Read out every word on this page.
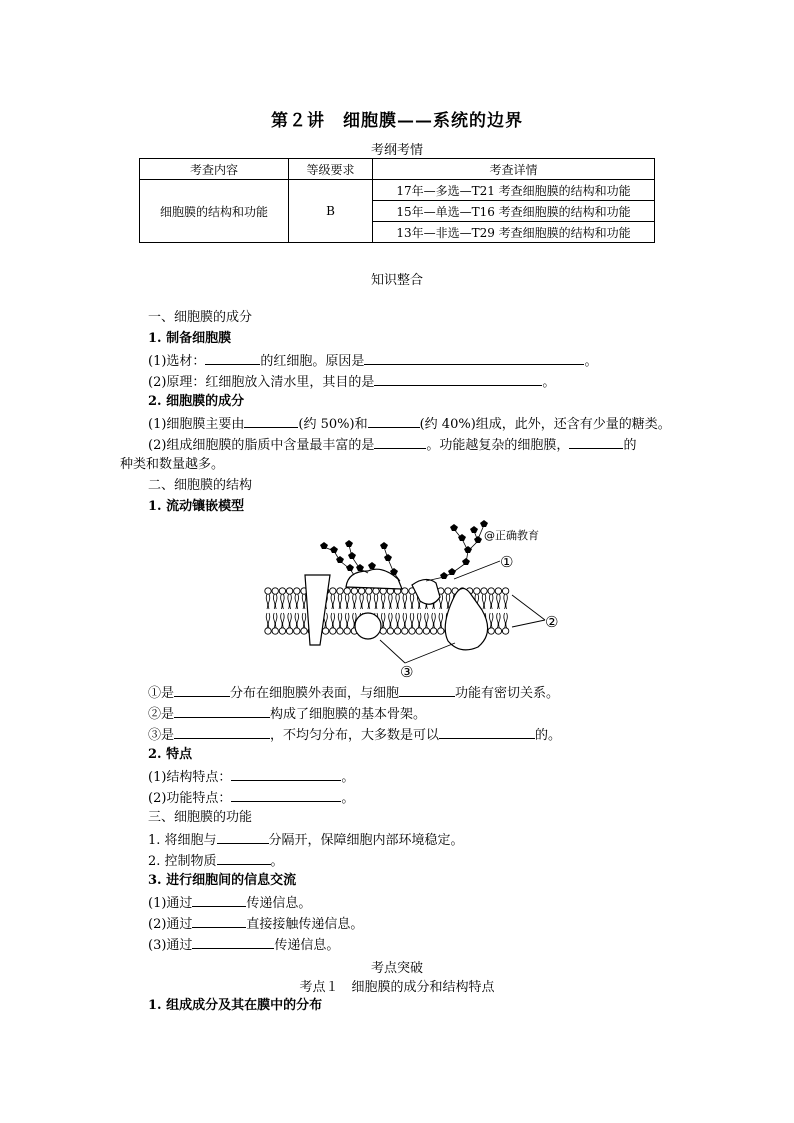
第２讲　细胞膜——系统的边界
考纲考情
考查内容	等级要求	考查详情
细胞膜的结构和功能	B	17年—多选—T21 考查细胞膜的结构和功能
		15年—单选—T16 考查细胞膜的结构和功能
		13年—非选—T29 考查细胞膜的结构和功能
知识整合
一、细胞膜的成分
1. 制备细胞膜
(1)选材：	的红细胞。原因是	。
(2)原理：红细胞放入清水里，其目的是	。
2. 细胞膜的成分
(1)细胞膜主要由	(约 50%)和	(约 40%)组成，此外，还含有少量的糖类。
(2)组成细胞膜的脂质中含量最丰富的是	。功能越复杂的细胞膜，	的
种类和数量越多。
二、细胞膜的结构
1. 流动镶嵌模型
@正确教育
①
②
③
①是	分布在细胞膜外表面，与细胞	功能有密切关系。
②是	构成了细胞膜的基本骨架。
③是	，不均匀分布，大多数是可以	的。
2. 特点
(1)结构特点：	。
(2)功能特点：	。
三、细胞膜的功能
1. 将细胞与	分隔开，保障细胞内部环境稳定。
2. 控制物质	。
3. 进行细胞间的信息交流
(1)通过	传递信息。
(2)通过	直接接触传递信息。
(3)通过	传递信息。
考点突破
考点１　细胞膜的成分和结构特点
1. 组成成分及其在膜中的分布
